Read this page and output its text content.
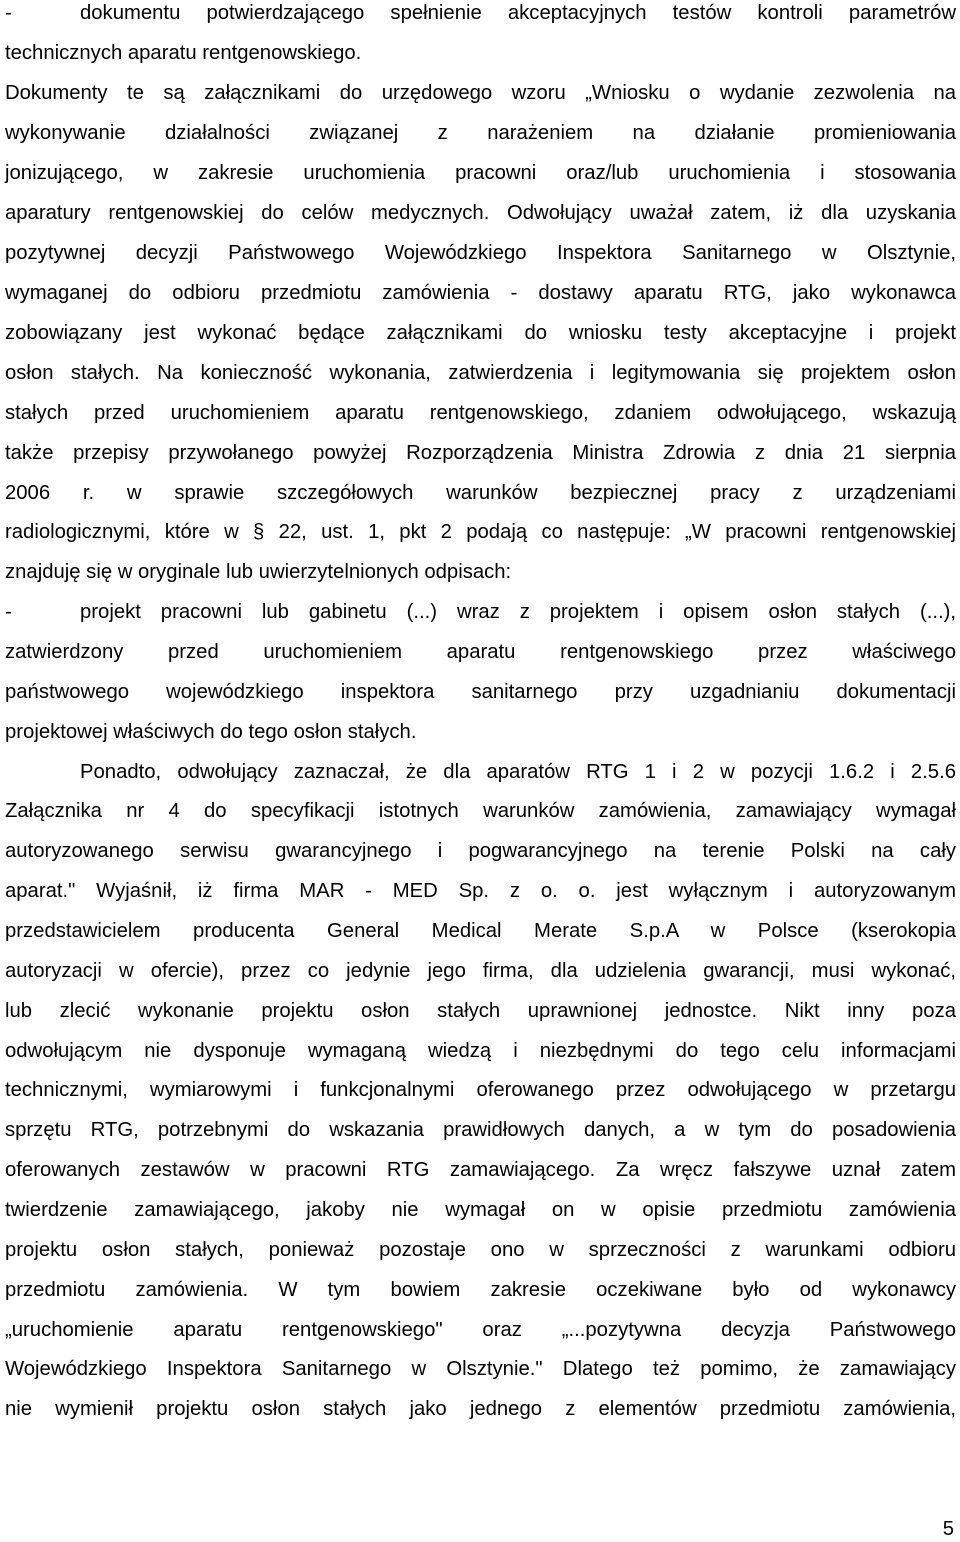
-	dokumentu potwierdzającego spełnienie akceptacyjnych testów kontroli parametrów
technicznych aparatu rentgenowskiego.
Dokumenty te są załącznikami do urzędowego wzoru „Wniosku o wydanie zezwolenia na
wykonywanie działalności związanej z narażeniem na działanie promieniowania
jonizującego, w zakresie uruchomienia pracowni oraz/lub uruchomienia i stosowania
aparatury rentgenowskiej do celów medycznych. Odwołujący uważał zatem, iż dla uzyskania
pozytywnej decyzji Państwowego Wojewódzkiego Inspektora Sanitarnego w Olsztynie,
wymaganej do odbioru przedmiotu zamówienia - dostawy aparatu RTG, jako wykonawca
zobowiązany jest wykonać będące załącznikami do wniosku testy akceptacyjne i projekt
osłon stałych. Na konieczność wykonania, zatwierdzenia i legitymowania się projektem osłon
stałych przed uruchomieniem aparatu rentgenowskiego, zdaniem odwołującego, wskazują
także przepisy przywołanego powyżej Rozporządzenia Ministra Zdrowia z dnia 21 sierpnia
2006 r. w sprawie szczegółowych warunków bezpiecznej pracy z urządzeniami
radiologicznymi, które w § 22, ust. 1, pkt 2 podają co następuje: „W pracowni rentgenowskiej
znajduję się w oryginale lub uwierzytelnionych odpisach:
-	projekt pracowni lub gabinetu (...) wraz z projektem i opisem osłon stałych (...),
zatwierdzony przed uruchomieniem aparatu rentgenowskiego przez właściwego
państwowego wojewódzkiego inspektora sanitarnego przy uzgadnianiu dokumentacji
projektowej właściwych do tego osłon stałych.
Ponadto, odwołujący zaznaczał, że dla aparatów RTG 1 i 2 w pozycji 1.6.2 i 2.5.6
Załącznika nr 4 do specyfikacji istotnych warunków zamówienia, zamawiający wymagał
autoryzowanego serwisu gwarancyjnego i pogwarancyjnego na terenie Polski na cały
aparat." Wyjaśnił, iż firma MAR - MED Sp. z o. o. jest wyłącznym i autoryzowanym
przedstawicielem producenta General Medical Merate S.p.A w Polsce (kserokopia
autoryzacji w ofercie), przez co jedynie jego firma, dla udzielenia gwarancji, musi wykonać,
lub zlecić wykonanie projektu osłon stałych uprawnionej jednostce. Nikt inny poza
odwołującym nie dysponuje wymaganą wiedzą i niezbędnymi do tego celu informacjami
technicznymi, wymiarowymi i funkcjonalnymi oferowanego przez odwołującego w przetargu
sprzętu RTG, potrzebnymi do wskazania prawidłowych danych, a w tym do posadowienia
oferowanych zestawów w pracowni RTG zamawiającego. Za wręcz fałszywe uznał zatem
twierdzenie zamawiającego, jakoby nie wymagał on w opisie przedmiotu zamówienia
projektu osłon stałych, ponieważ pozostaje ono w sprzeczności z warunkami odbioru
przedmiotu zamówienia. W tym bowiem zakresie oczekiwane było od wykonawcy
„uruchomienie aparatu rentgenowskiego" oraz „...pozytywna decyzja Państwowego
Wojewódzkiego Inspektora Sanitarnego w Olsztynie." Dlatego też pomimo, że zamawiający
nie wymienił projektu osłon stałych jako jednego z elementów przedmiotu zamówienia,
5
